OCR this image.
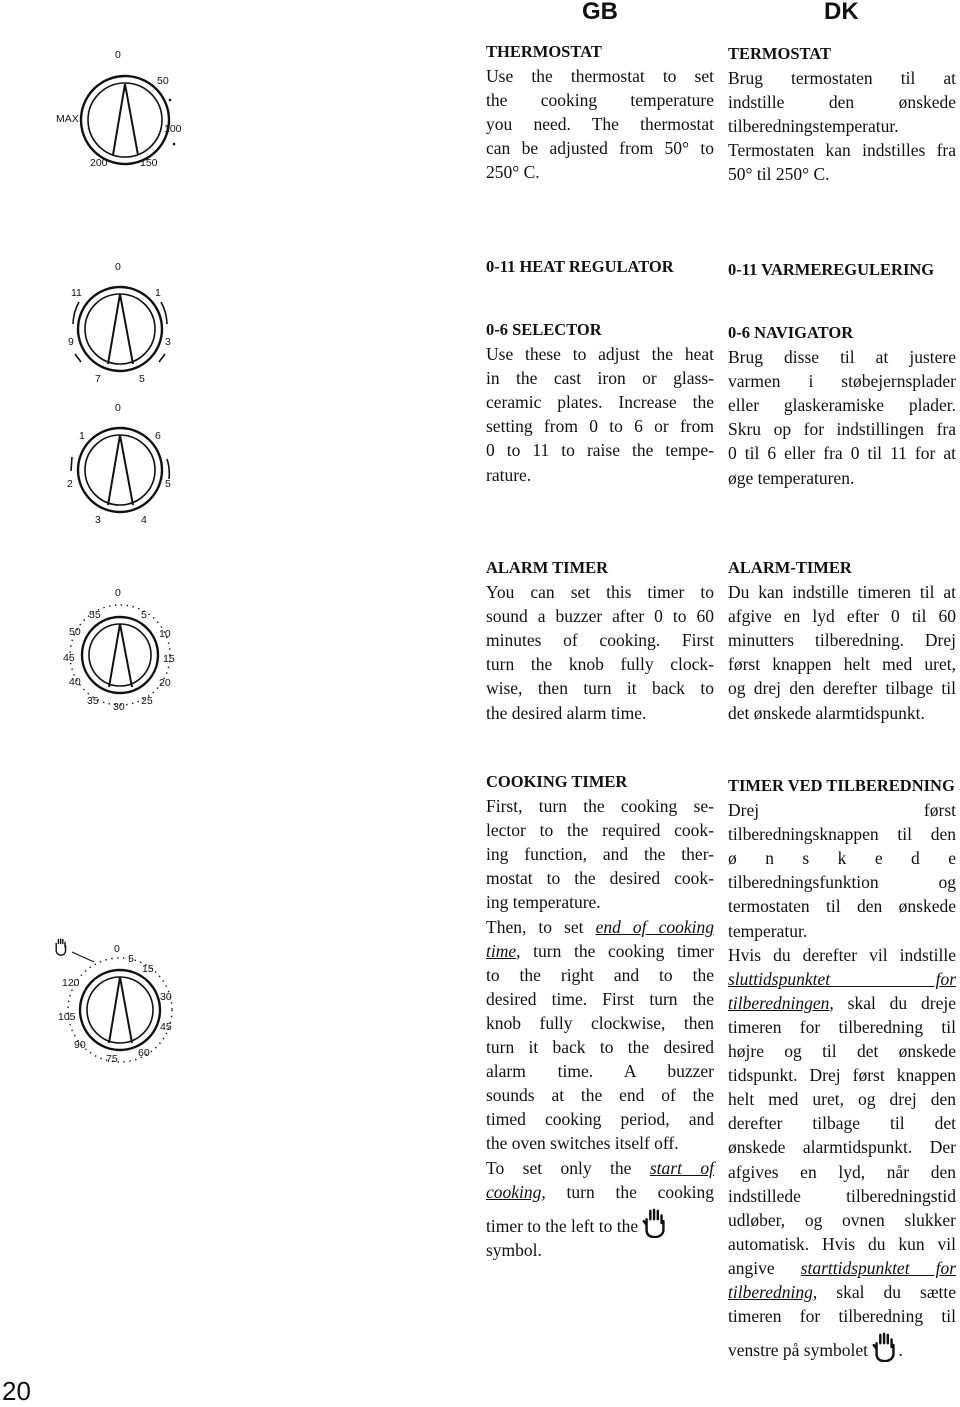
GB	DK
0
50
MAX
100
200	150

THERMOSTAT

Use the thermostat to set

the cooking temperature

you need. The thermostat

can be adjusted from 50° to

250° C.

TERMOSTAT

Brug termostaten til at

indstille den ønskede

tilberedningstemperatur.

Termostaten kan indstilles fra

50° til 250° C.

0
11	1
9	3
7	5
0
1	6
2	5
3	4

0-11 HEAT REGULATOR	0-11 VARMEREGULERING

0-6 SELECTOR

Use these to adjust the heat

in the cast iron or glass-

ceramic plates. Increase the

setting from 0 to 6 or from

0 to 11 to raise the tempe-

rature.

0-6 NAVIGATOR

Brug disse til at justere

varmen i støbejernsplader

eller glaskeramiske plader.

Skru op for indstillingen fra

0 til 6 eller fra 0 til 11 for at

øge temperaturen.

0
55	5
50	10
45	15
40	20
35 30 25

ALARM TIMER

You can set this timer to

sound a buzzer after 0 to 60

minutes of cooking. First

turn the knob fully clock-

wise, then turn it back to

the desired alarm time.

ALARM-TIMER

Du kan indstille timeren til at

afgive en lyd efter 0 til 60

minutters tilberedning. Drej

først knappen helt med uret,

og drej den derefter tilbage til

det ønskede alarmtidspunkt.

0
5
15
120
30
105
45
90
75 60

COOKING TIMER

First, turn the cooking se-

lector to the required cook-

ing function, and the ther-

mostat to the desired cook-

ing temperature.

Then, to set end of cooking

time, turn the cooking timer

to the right and to the

desired time. First turn the

knob fully clockwise, then

turn it back to the desired

alarm time. A buzzer

sounds at the end of the

timed cooking period, and

the oven switches itself off.

To set only the start of

cooking, turn the cooking

timer to the left to the

symbol.

TIMER VED TILBEREDNING

Drej først

tilberedningsknappen til den

ø n s k e d e

tilberedningsfunktion og

termostaten til den ønskede

temperatur.

Hvis du derefter vil indstille

sluttidspunktet for

tilberedningen, skal du dreje

timeren for tilberedning til

højre og til det ønskede

tidspunkt. Drej først knappen

helt med uret, og drej den

derefter tilbage til det

ønskede alarmtidspunkt. Der

afgives en lyd, når den

indstillede tilberedningstid

udløber, og ovnen slukker

automatisk. Hvis du kun vil

angive starttidspunktet for

tilberedning, skal du sætte

timeren for tilberedning til

venstre på symbolet .

20
